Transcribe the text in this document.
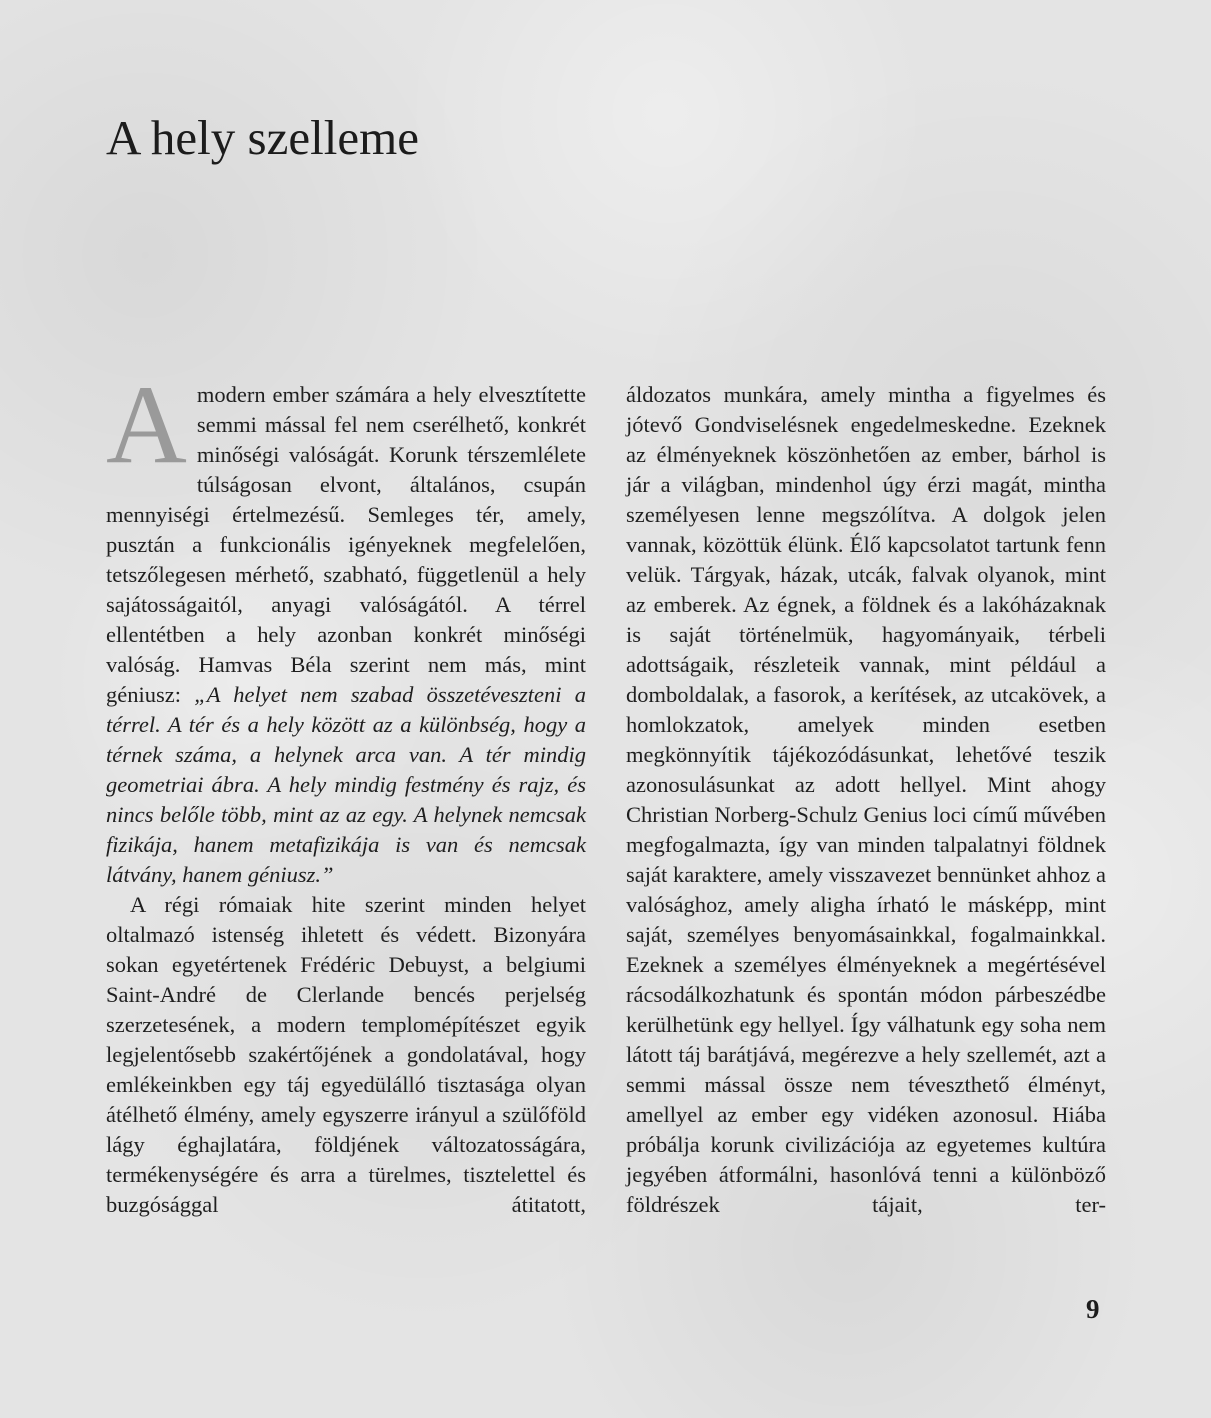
A hely szelleme

A modern ember számára a hely elvesztítette semmi mással fel nem cserélhető, konkrét minőségi valóságát. Korunk térszemlélete túlságosan elvont, általános, csupán mennyiségi értelmezésű. Semleges tér, amely, pusztán a funkcionális igényeknek megfelelően, tetszőlegesen mérhető, szabható, függetlenül a hely sajátosságaitól, anyagi valóságától. A térrel ellentétben a hely azonban konkrét minőségi valóság. Hamvas Béla szerint nem más, mint géniusz: „A helyet nem szabad összetéveszteni a térrel. A tér és a hely között az a különbség, hogy a térnek száma, a helynek arca van. A tér mindig geometriai ábra. A hely mindig festmény és rajz, és nincs belőle több, mint az az egy. A helynek nemcsak fizikája, hanem metafizikája is van és nemcsak látvány, hanem géniusz.”

A régi rómaiak hite szerint minden helyet oltalmazó istenség ihletett és védett. Bizonyára sokan egyetértenek Frédéric Debuyst, a belgiumi Saint-André de Clerlande bencés perjelség szerzetesének, a modern templomépítészet egyik legjelentősebb szakértőjének a gondolatával, hogy emlékeinkben egy táj egyedülálló tisztasága olyan átélhető élmény, amely egyszerre irányul a szülőföld lágy éghajlatára, földjének változatosságára, termékenységére és arra a türelmes, tisztelettel és buzgósággal átitatott,

áldozatos munkára, amely mintha a figyelmes és jótevő Gondviselésnek engedelmeskedne. Ezeknek az élményeknek köszönhetően az ember, bárhol is jár a világban, mindenhol úgy érzi magát, mintha személyesen lenne megszólítva. A dolgok jelen vannak, közöttük élünk. Élő kapcsolatot tartunk fenn velük. Tárgyak, házak, utcák, falvak olyanok, mint az emberek. Az égnek, a földnek és a lakóházaknak is saját történelmük, hagyományaik, térbeli adottságaik, részleteik vannak, mint például a domboldalak, a fasorok, a kerítések, az utcakövek, a homlokzatok, amelyek minden esetben megkönnyítik tájékozódásunkat, lehetővé teszik azonosulásunkat az adott hellyel. Mint ahogy Christian Norberg-Schulz Genius loci című művében megfogalmazta, így van minden talpalatnyi földnek saját karaktere, amely visszavezet bennünket ahhoz a valósághoz, amely aligha írható le másképp, mint saját, személyes benyomásainkkal, fogalmainkkal. Ezeknek a személyes élményeknek a megértésével rácsodálkozhatunk és spontán módon párbeszédbe kerülhetünk egy hellyel. Így válhatunk egy soha nem látott táj barátjává, megérezve a hely szellemét, azt a semmi mással össze nem téveszthető élményt, amellyel az ember egy vidéken azonosul. Hiába próbálja korunk civilizációja az egyetemes kultúra jegyében átformálni, hasonlóvá tenni a különböző földrészek tájait, ter-

9
